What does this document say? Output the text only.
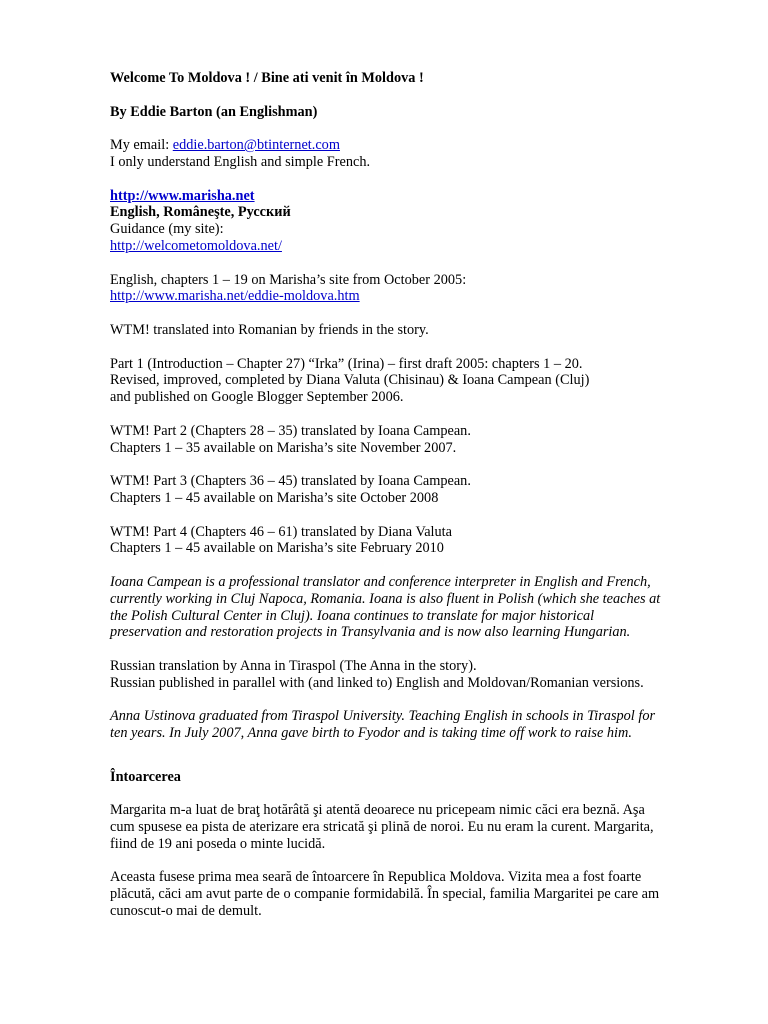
Welcome To Moldova ! / Bine ati venit în Moldova !
By Eddie Barton (an Englishman)
My email: eddie.barton@btinternet.com
I only understand English and simple French.
http://www.marisha.net
English, Româneşte, Русский
Guidance (my site):
http://welcometomoldova.net/
English, chapters 1 – 19 on Marisha’s site from October 2005:
http://www.marisha.net/eddie-moldova.htm
WTM! translated into Romanian by friends in the story.
Part 1 (Introduction – Chapter 27) “Irka” (Irina) – first draft 2005: chapters 1 – 20.
Revised, improved, completed by Diana Valuta (Chisinau) & Ioana Campean (Cluj)
and published on Google Blogger September 2006.
WTM! Part 2 (Chapters 28 – 35) translated by Ioana Campean.
Chapters 1 – 35 available on Marisha’s site November 2007.
WTM! Part 3 (Chapters 36 – 45) translated by Ioana Campean.
Chapters 1 – 45 available on Marisha’s site October 2008
WTM! Part 4 (Chapters 46 – 61) translated by Diana Valuta
Chapters 1 – 45 available on Marisha’s site February 2010
Ioana Campean is a professional translator and conference interpreter in English and French,
currently working in Cluj Napoca, Romania. Ioana is also fluent in Polish (which she teaches at
the Polish Cultural Center in Cluj). Ioana continues to translate for major historical
preservation and restoration projects in Transylvania and is now also learning Hungarian.
Russian translation by Anna in Tiraspol (The Anna in the story).
Russian published in parallel with (and linked to) English and Moldovan/Romanian versions.
Anna Ustinova graduated from Tiraspol University. Teaching English in schools in Tiraspol for
ten years. In July 2007, Anna gave birth to Fyodor and is taking time off work to raise him.
Întoarcerea
Margarita m-a luat de braţ hotărâtă şi atentă deoarece nu pricepeam nimic căci era beznă. Aşa
cum spusese ea pista de aterizare era stricată şi plină de noroi. Eu nu eram la curent. Margarita,
fiind de 19 ani poseda o minte lucidă.
Aceasta fusese prima mea seară de întoarcere în Republica Moldova. Vizita mea a fost foarte
plăcută, căci am avut parte de o companie formidabilă. În special, familia Margaritei pe care am
cunoscut-o mai de demult.
